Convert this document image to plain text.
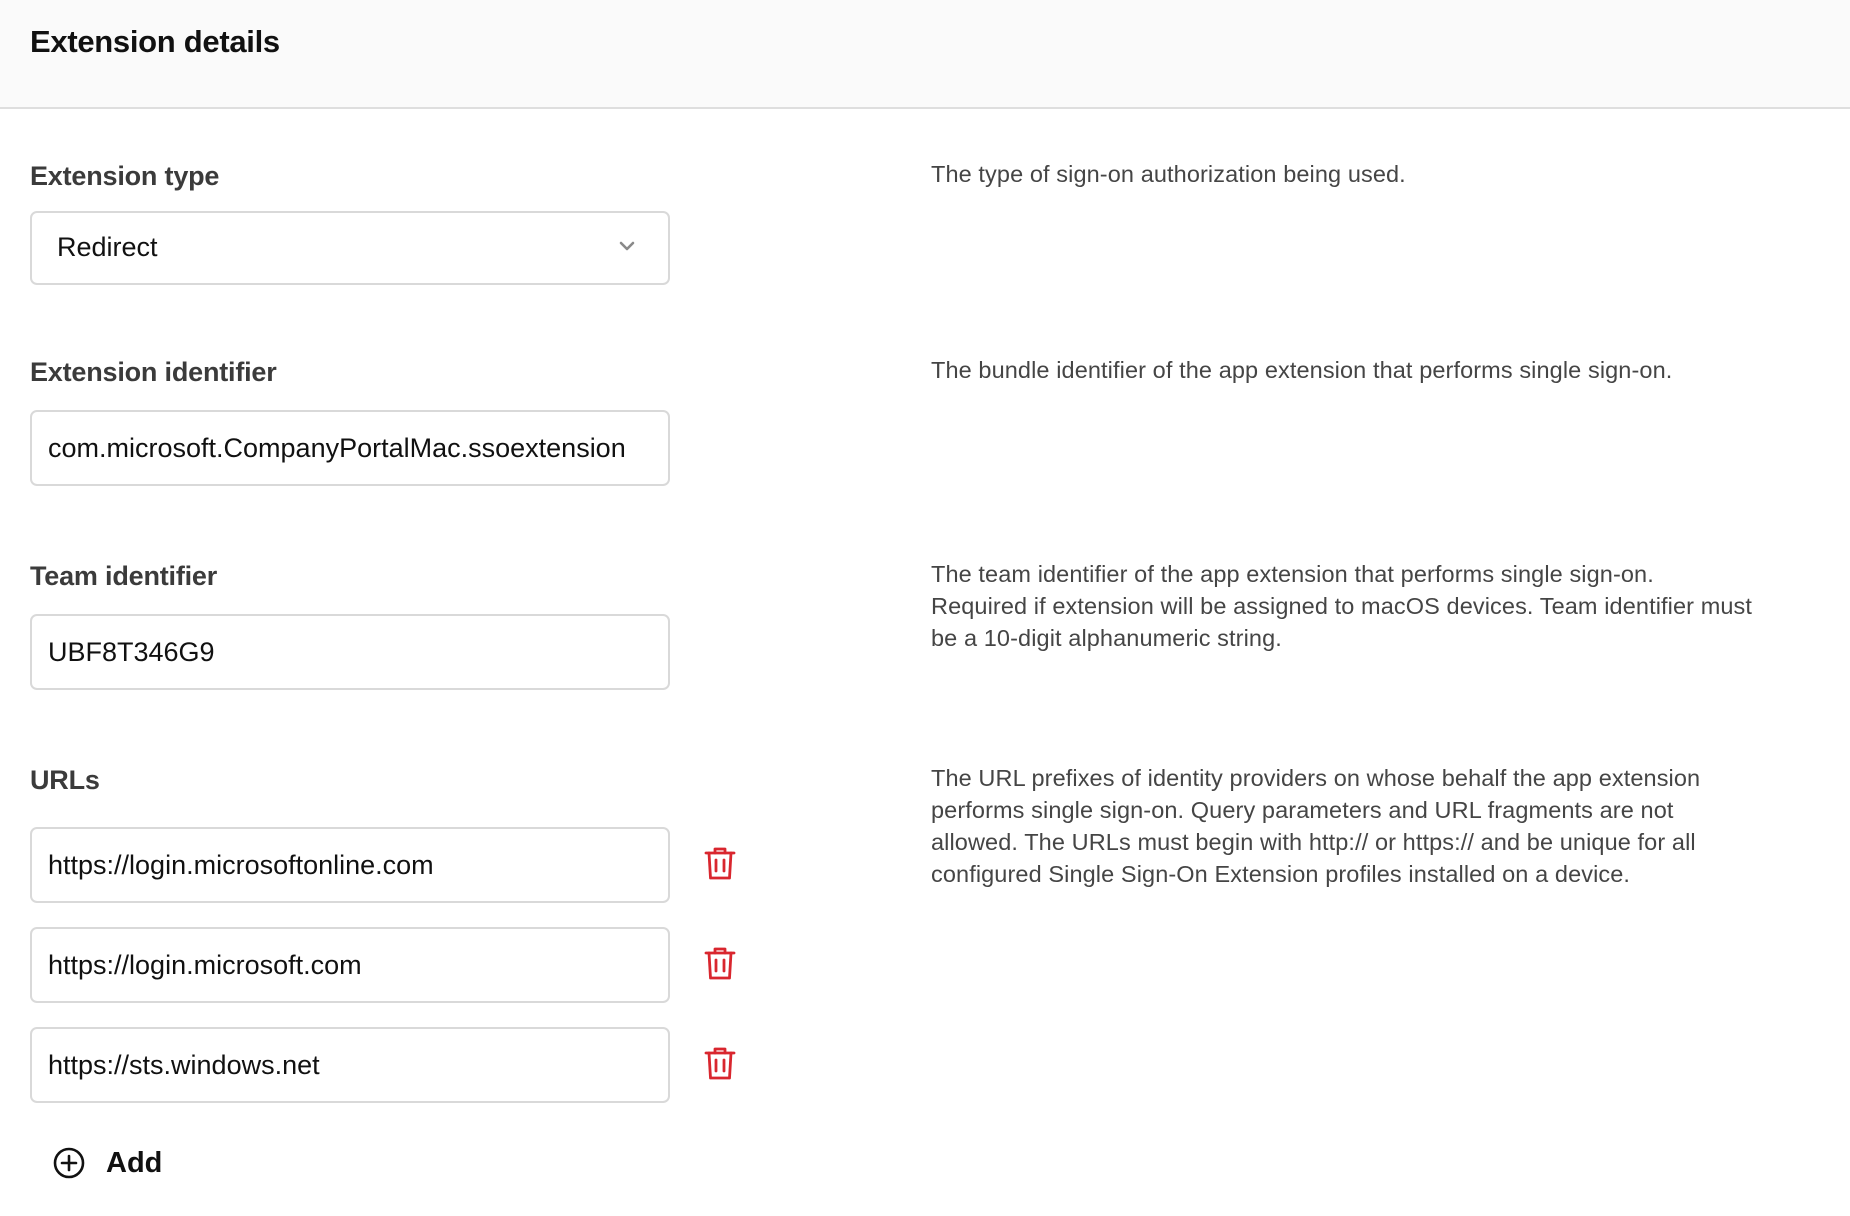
Extension details
Extension type
Redirect
The type of sign-on authorization being used.
Extension identifier
com.microsoft.CompanyPortalMac.ssoextension	The bundle identifier of the app extension that performs single sign-on.
Team identifier
UBF8T346G9	The team identifier of the app extension that performs single sign-on.
Required if extension will be assigned to macOS devices. Team identifier must
be a 10-digit alphanumeric string.
URLs	The URL prefixes of identity providers on whose behalf the app extension
performs single sign-on. Query parameters and URL fragments are not
allowed. The URLs must begin with http:// or https:// and be unique for all
configured Single Sign-On Extension profiles installed on a device.
https://login.microsoftonline.com
https://login.microsoft.com
https://sts.windows.net
Add
